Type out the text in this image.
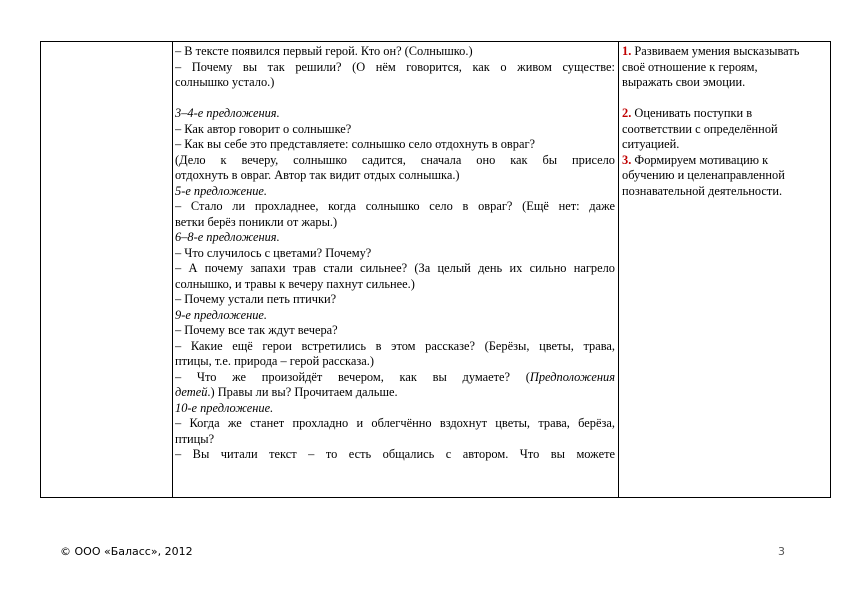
– В тексте появился первый герой. Кто он? (Солнышко.)
– Почему вы так решили? (О нём говорится, как о живом существе:
солнышко устало.)
3–4-е предложения.
– Как автор говорит о солнышке?
– Как вы себе это представляете: солнышко село отдохнуть в овраг?
(Дело к вечеру, солнышко садится, сначала оно как бы присело
отдохнуть в овраг. Автор так видит отдых солнышка.)
5-е предложение.
– Стало ли прохладнее, когда солнышко село в овраг? (Ещё нет: даже
ветки берёз поникли от жары.)
6–8-е предложения.
– Что случилось с цветами? Почему?
– А почему запахи трав стали сильнее? (За целый день их сильно нагрело
солнышко, и травы к вечеру пахнут сильнее.)
– Почему устали петь птички?
9-е предложение.
– Почему все так ждут вечера?
– Какие ещё герои встретились в этом рассказе? (Берёзы, цветы, трава,
птицы, т.е. природа – герой рассказа.)
– Что же произойдёт вечером, как вы думаете? (Предположения
детей.) Правы ли вы? Прочитаем дальше.
10-е предложение.
– Когда же станет прохладно и облегчённо вздохнут цветы, трава, берёза,
птицы?
– Вы читали текст – то есть общались с автором. Что вы можете
1. Развиваем умения высказывать
своё отношение к героям,
выражать свои эмоции.
2. Оценивать поступки в
соответствии с определённой
ситуацией.
3. Формируем мотивацию к
обучению и целенаправленной
познавательной деятельности.
© ООО «Баласс», 2012	3
